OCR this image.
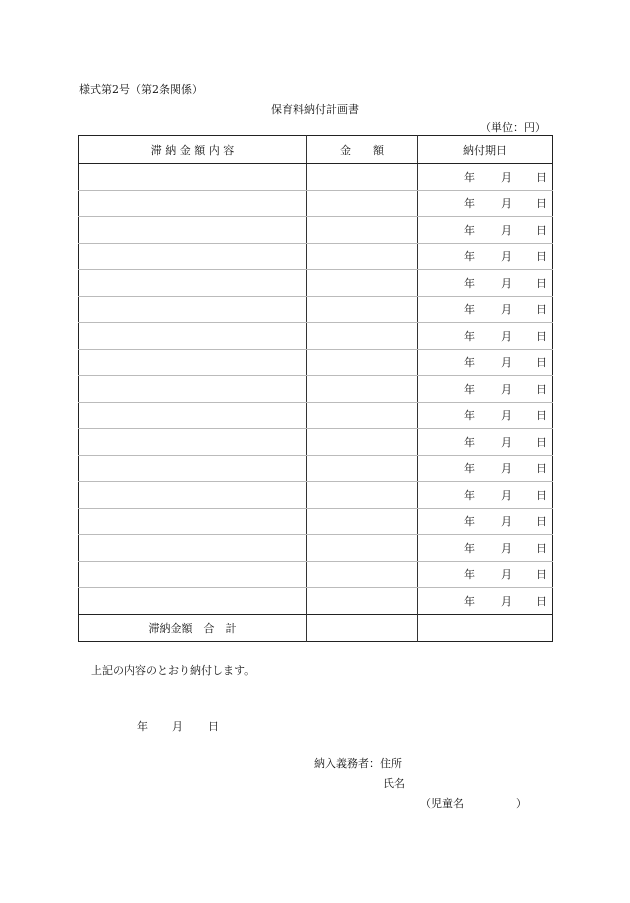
様式第2号（第2条関係）
保育料納付計画書
（単位：円）
滞 納 金 額 内 容	金　　額	納付期日

		年 月 日

		年 月 日

		年 月 日

		年 月 日

		年 月 日

		年 月 日

		年 月 日

		年 月 日

		年 月 日

		年 月 日

		年 月 日

		年 月 日

		年 月 日

		年 月 日

		年 月 日

		年 月 日

		年 月 日

滞納金額　合　計		
上記の内容のとおり納付します。
年 月 日
納入義務者：住所
氏名
（児童名	）
